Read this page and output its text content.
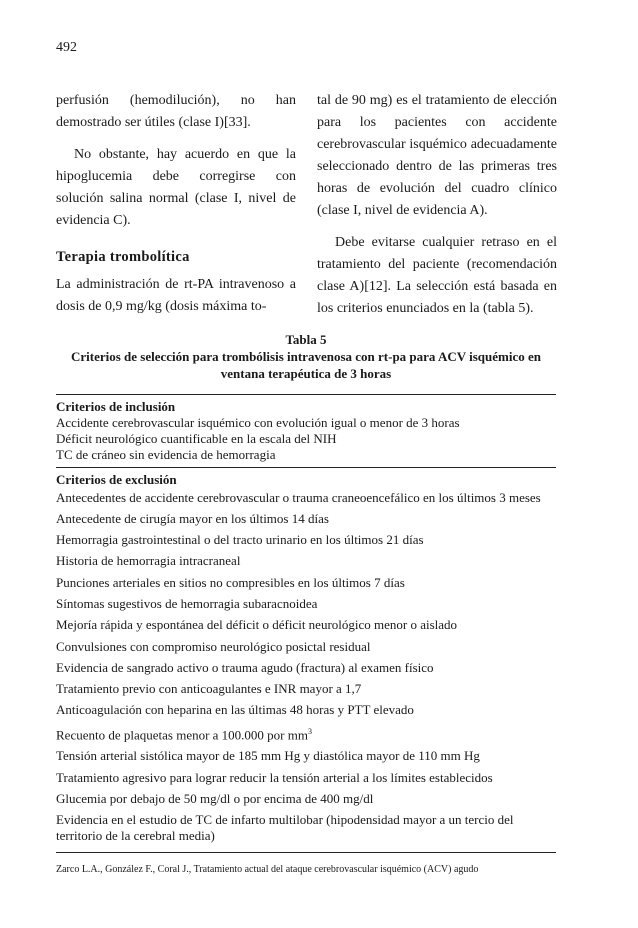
492

perfusión (hemodilución), no han demostrado ser útiles (clase I)[33].

No obstante, hay acuerdo en que la hipoglucemia debe corregirse con solución salina normal (clase I, nivel de evidencia C).

Terapia trombolítica

La administración de rt-PA intravenoso a dosis de 0,9 mg/kg (dosis máxima to-

tal de 90 mg) es el tratamiento de elección para los pacientes con accidente cerebrovascular isquémico adecuadamente seleccionado dentro de las primeras tres horas de evolución del cuadro clínico (clase I, nivel de evidencia A).

Debe evitarse cualquier retraso en el tratamiento del paciente (recomendación clase A)[12]. La selección está basada en los criterios enunciados en la (tabla 5).

Tabla 5
Criterios de selección para trombólisis intravenosa con rt-pa para ACV isquémico en ventana terapéutica de 3 horas
Criterios de inclusión
Accidente cerebrovascular isquémico con evolución igual o menor de 3 horas
Déficit neurológico cuantificable en la escala del NIH
TC de cráneo sin evidencia de hemorragia
Criterios de exclusión
Antecedentes de accidente cerebrovascular o trauma craneoencefálico en los últimos 3 meses
Antecedente de cirugía mayor en los últimos 14 días
Hemorragia gastrointestinal o del tracto urinario en los últimos 21 días
Historia de hemorragia intracraneal
Punciones arteriales en sitios no compresibles en los últimos 7 días
Síntomas sugestivos de hemorragia subaracnoidea
Mejoría rápida y espontánea del déficit o déficit neurológico menor o aislado
Convulsiones con compromiso neurológico posictal residual
Evidencia de sangrado activo o trauma agudo (fractura) al examen físico
Tratamiento previo con anticoagulantes e INR mayor a 1,7
Anticoagulación con heparina en las últimas 48 horas y PTT elevado
Recuento de plaquetas menor a 100.000 por $mm^3$
Tensión arterial sistólica mayor de 185 mm Hg y diastólica mayor de 110 mm Hg
Tratamiento agresivo para lograr reducir la tensión arterial a los límites establecidos
Glucemia por debajo de 50 mg/dl o por encima de 400 mg/dl
Evidencia en el estudio de TC de infarto multilobar (hipodensidad mayor a un tercio del territorio de la cerebral media)
Zarco L.A., González F., Coral J., Tratamiento actual del ataque cerebrovascular isquémico (ACV) agudo
